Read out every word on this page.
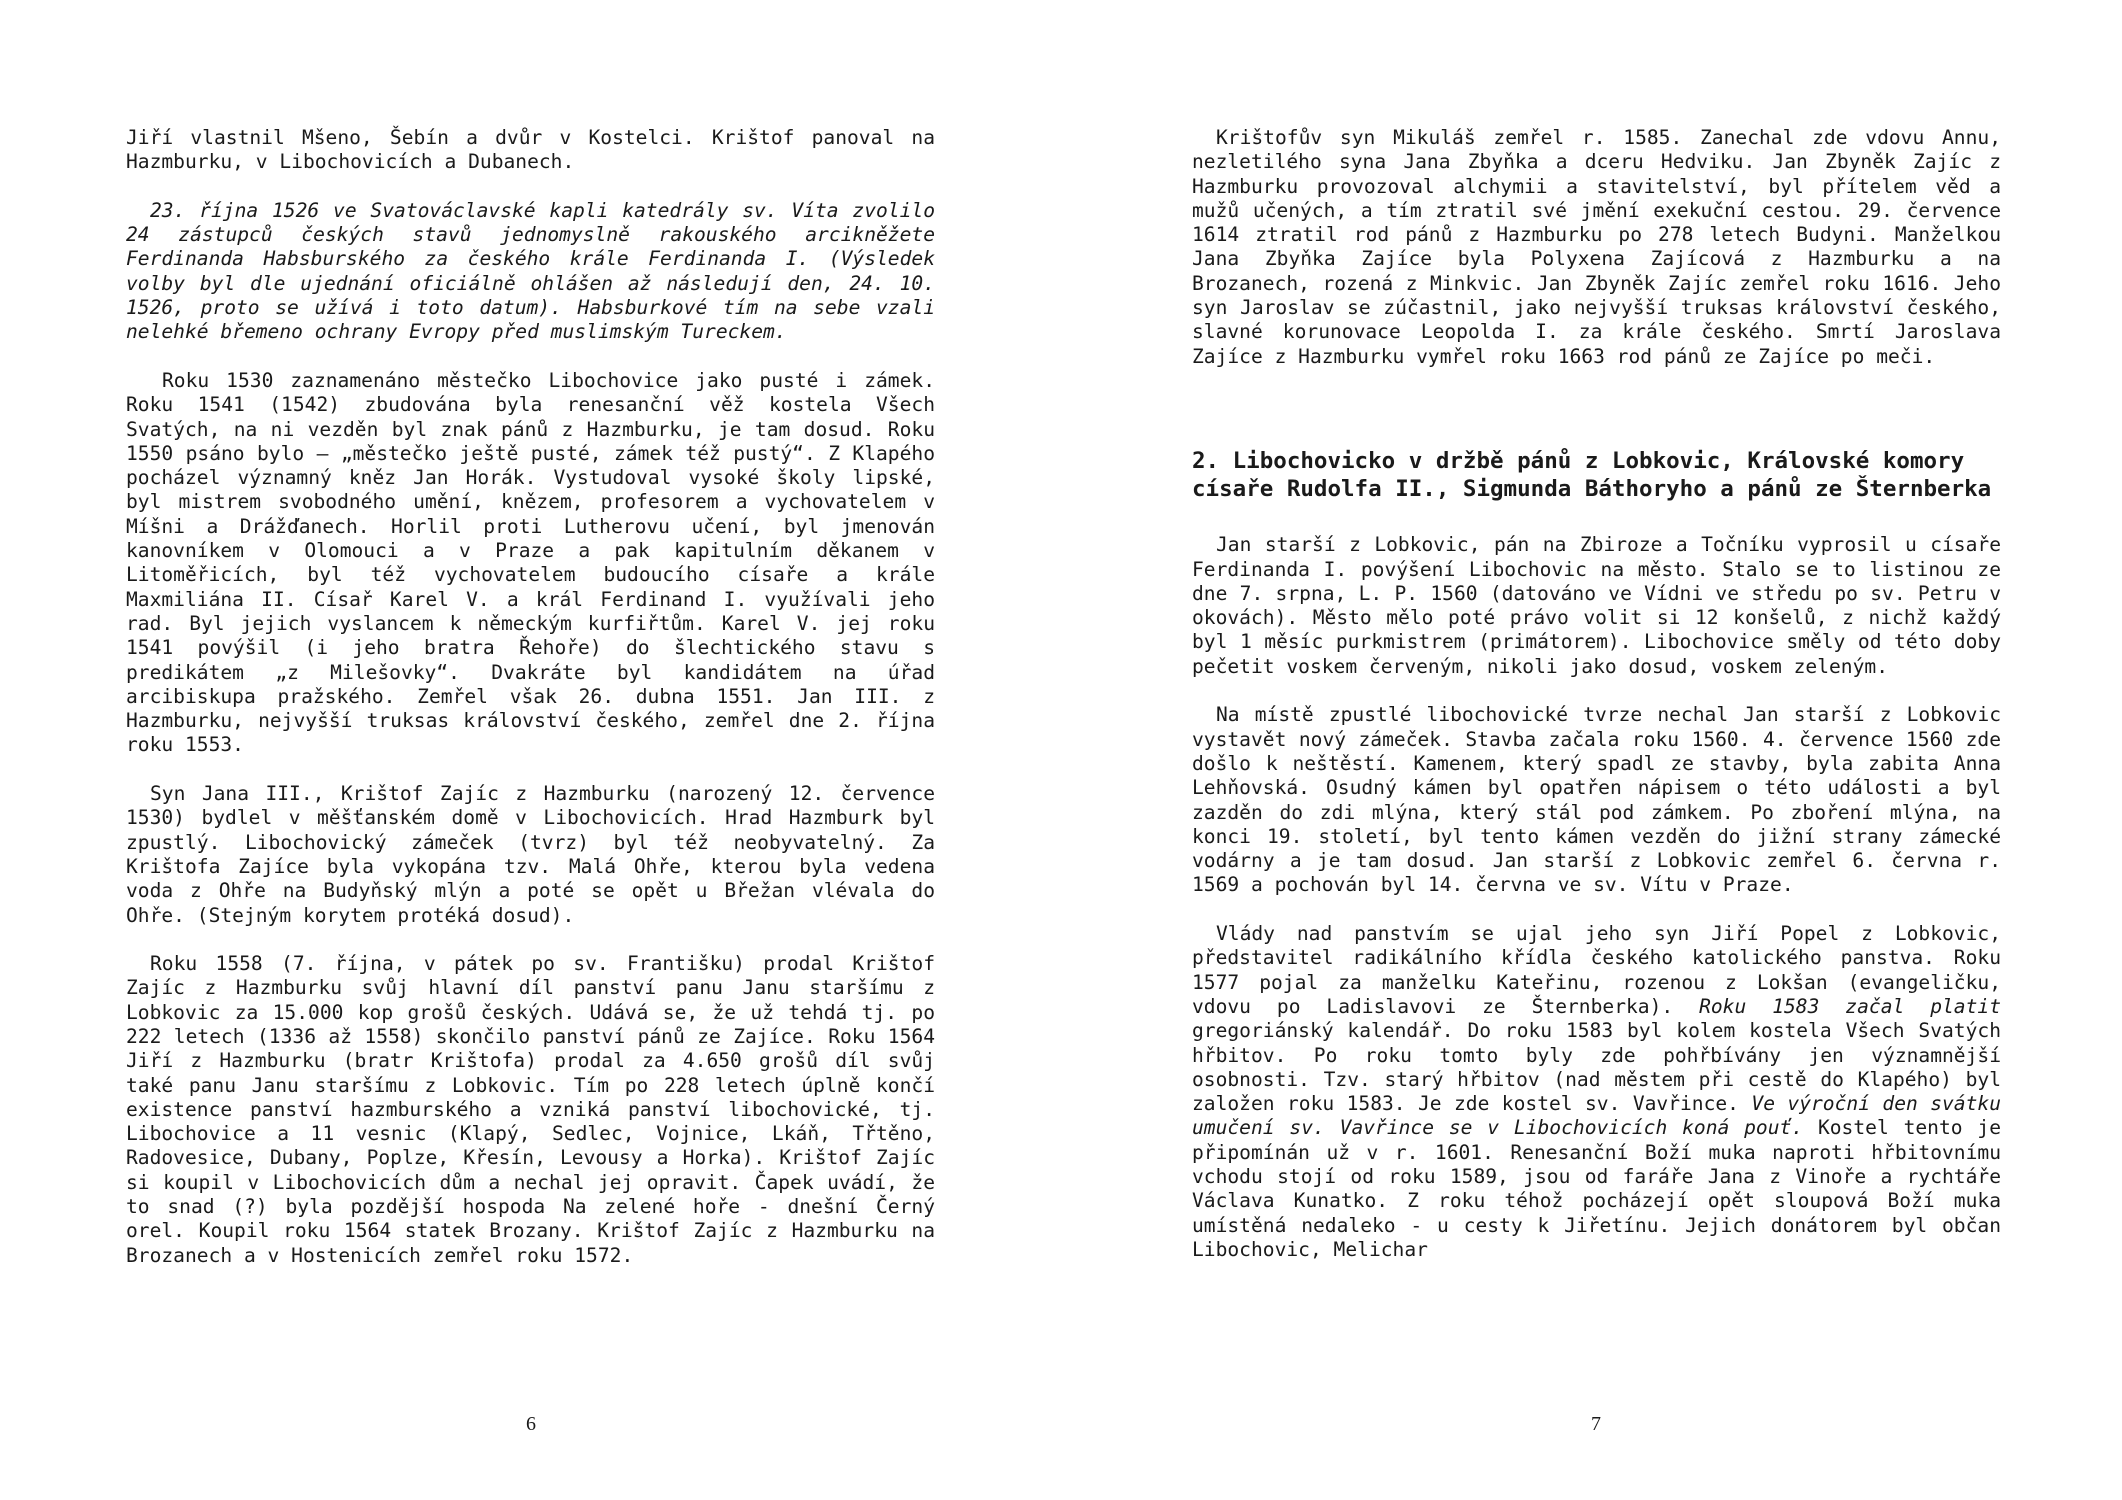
Jiří vlastnil Mšeno, Šebín a dvůr v Kostelci. Krištof panoval na Hazmburku, v Libochovicích a Dubanech.

23. října 1526 ve Svatováclavské kapli katedrály sv. Víta zvolilo 24 zástupců českých stavů jednomyslně rakouského arcikněžete Ferdinanda Habsburského za českého krále Ferdinanda I. (Výsledek volby byl dle ujednání oficiálně ohlášen až následují den, 24. 10. 1526, proto se užívá i toto datum). Habsburkové tím na sebe vzali nelehké břemeno ochrany Evropy před muslimským Tureckem.

Roku 1530 zaznamenáno městečko Libochovice jako pusté i zámek. Roku 1541 (1542) zbudována byla renesanční věž kostela Všech Svatých, na ni vezděn byl znak pánů z Hazmburku, je tam dosud. Roku 1550 psáno bylo – „městečko ještě pusté, zámek též pustý“. Z Klapého pocházel významný kněz Jan Horák. Vystudoval vysoké školy lipské, byl mistrem svobodného umění, knězem, profesorem a vychovatelem v Míšni a Drážďanech. Horlil proti Lutherovu učení, byl jmenován kanovníkem v Olomouci a v Praze a pak kapitulním děkanem v Litoměřicích, byl též vychovatelem budoucího císaře a krále Maxmiliána II. Císař Karel V. a král Ferdinand I. využívali jeho rad. Byl jejich vyslancem k německým kurfiřtům. Karel V. jej roku 1541 povýšil (i jeho bratra Řehoře) do šlechtického stavu s predikátem „z Milešovky“. Dvakráte byl kandidátem na úřad arcibiskupa pražského. Zemřel však 26. dubna 1551. Jan III. z Hazmburku, nejvyšší truksas království českého, zemřel dne 2. října roku 1553.

Syn Jana III., Krištof Zajíc z Hazmburku (narozený 12. července 1530) bydlel v měšťanském domě v Libochovicích. Hrad Hazmburk byl zpustlý. Libochovický zámeček (tvrz) byl též neobyvatelný. Za Krištofa Zajíce byla vykopána tzv. Malá Ohře, kterou byla vedena voda z Ohře na Budyňský mlýn a poté se opět u Břežan vlévala do Ohře. (Stejným korytem protéká dosud).

Roku 1558 (7. října, v pátek po sv. Františku) prodal Krištof Zajíc z Hazmburku svůj hlavní díl panství panu Janu staršímu z Lobkovic za 15.000 kop grošů českých. Udává se, že už tehdá tj. po 222 letech (1336 až 1558) skončilo panství pánů ze Zajíce. Roku 1564 Jiří z Hazmburku (bratr Krištofa) prodal za 4.650 grošů díl svůj také panu Janu staršímu z Lobkovic. Tím po 228 letech úplně končí existence panství hazmburského a vzniká panství libochovické, tj. Libochovice a 11 vesnic (Klapý, Sedlec, Vojnice, Lkáň, Třtěno, Radovesice, Dubany, Poplze, Křesín, Levousy a Horka). Krištof Zajíc si koupil v Libochovicích dům a nechal jej opravit. Čapek uvádí, že to snad (?) byla pozdější hospoda Na zelené hoře - dnešní Černý orel. Koupil roku 1564 statek Brozany. Krištof Zajíc z Hazmburku na Brozanech a v Hostenicích zemřel roku 1572.

6

Krištofův syn Mikuláš zemřel r. 1585. Zanechal zde vdovu Annu, nezletilého syna Jana Zbyňka a dceru Hedviku. Jan Zbyněk Zajíc z Hazmburku provozoval alchymii a stavitelství, byl přítelem věd a mužů učených, a tím ztratil své jmění exekuční cestou. 29. července 1614 ztratil rod pánů z Hazmburku po 278 letech Budyni. Manželkou Jana Zbyňka Zajíce byla Polyxena Zajícová z Hazmburku a na Brozanech, rozená z Minkvic. Jan Zbyněk Zajíc zemřel roku 1616. Jeho syn Jaroslav se zúčastnil, jako nejvyšší truksas království českého, slavné korunovace Leopolda I. za krále českého. Smrtí Jaroslava Zajíce z Hazmburku vymřel roku 1663 rod pánů ze Zajíce po meči.

2. Libochovicko v držbě pánů z Lobkovic, Královské komory císaře Rudolfa II., Sigmunda Báthoryho a pánů ze Šternberka

Jan starší z Lobkovic, pán na Zbiroze a Točníku vyprosil u císaře Ferdinanda I. povýšení Libochovic na město. Stalo se to listinou ze dne 7. srpna, L. P. 1560 (datováno ve Vídni ve středu po sv. Petru v okovách). Město mělo poté právo volit si 12 konšelů, z nichž každý byl 1 měsíc purkmistrem (primátorem). Libochovice směly od této doby pečetit voskem červeným, nikoli jako dosud, voskem zeleným.

Na místě zpustlé libochovické tvrze nechal Jan starší z Lobkovic vystavět nový zámeček. Stavba začala roku 1560. 4. července 1560 zde došlo k neštěstí. Kamenem, který spadl ze stavby, byla zabita Anna Lehňovská. Osudný kámen byl opatřen nápisem o této události a byl zazděn do zdi mlýna, který stál pod zámkem. Po zboření mlýna, na konci 19. století, byl tento kámen vezděn do jižní strany zámecké vodárny a je tam dosud. Jan starší z Lobkovic zemřel 6. června r. 1569 a pochován byl 14. června ve sv. Vítu v Praze.

Vlády nad panstvím se ujal jeho syn Jiří Popel z Lobkovic, představitel radikálního křídla českého katolického panstva. Roku 1577 pojal za manželku Kateřinu, rozenou z Lokšan (evangeličku, vdovu po Ladislavovi ze Šternberka). Roku 1583 začal platit gregoriánský kalendář. Do roku 1583 byl kolem kostela Všech Svatých hřbitov. Po roku tomto byly zde pohřbívány jen významnější osobnosti. Tzv. starý hřbitov (nad městem při cestě do Klapého) byl založen roku 1583. Je zde kostel sv. Vavřince. Ve výroční den svátku umučení sv. Vavřince se v Libochovicích koná pouť. Kostel tento je připomínán už v r. 1601. Renesanční Boží muka naproti hřbitovnímu vchodu stojí od roku 1589, jsou od faráře Jana z Vinoře a rychtáře Václava Kunatko. Z roku téhož pocházejí opět sloupová Boží muka umístěná nedaleko - u cesty k Jiřetínu. Jejich donátorem byl občan Libochovic, Melichar

7
